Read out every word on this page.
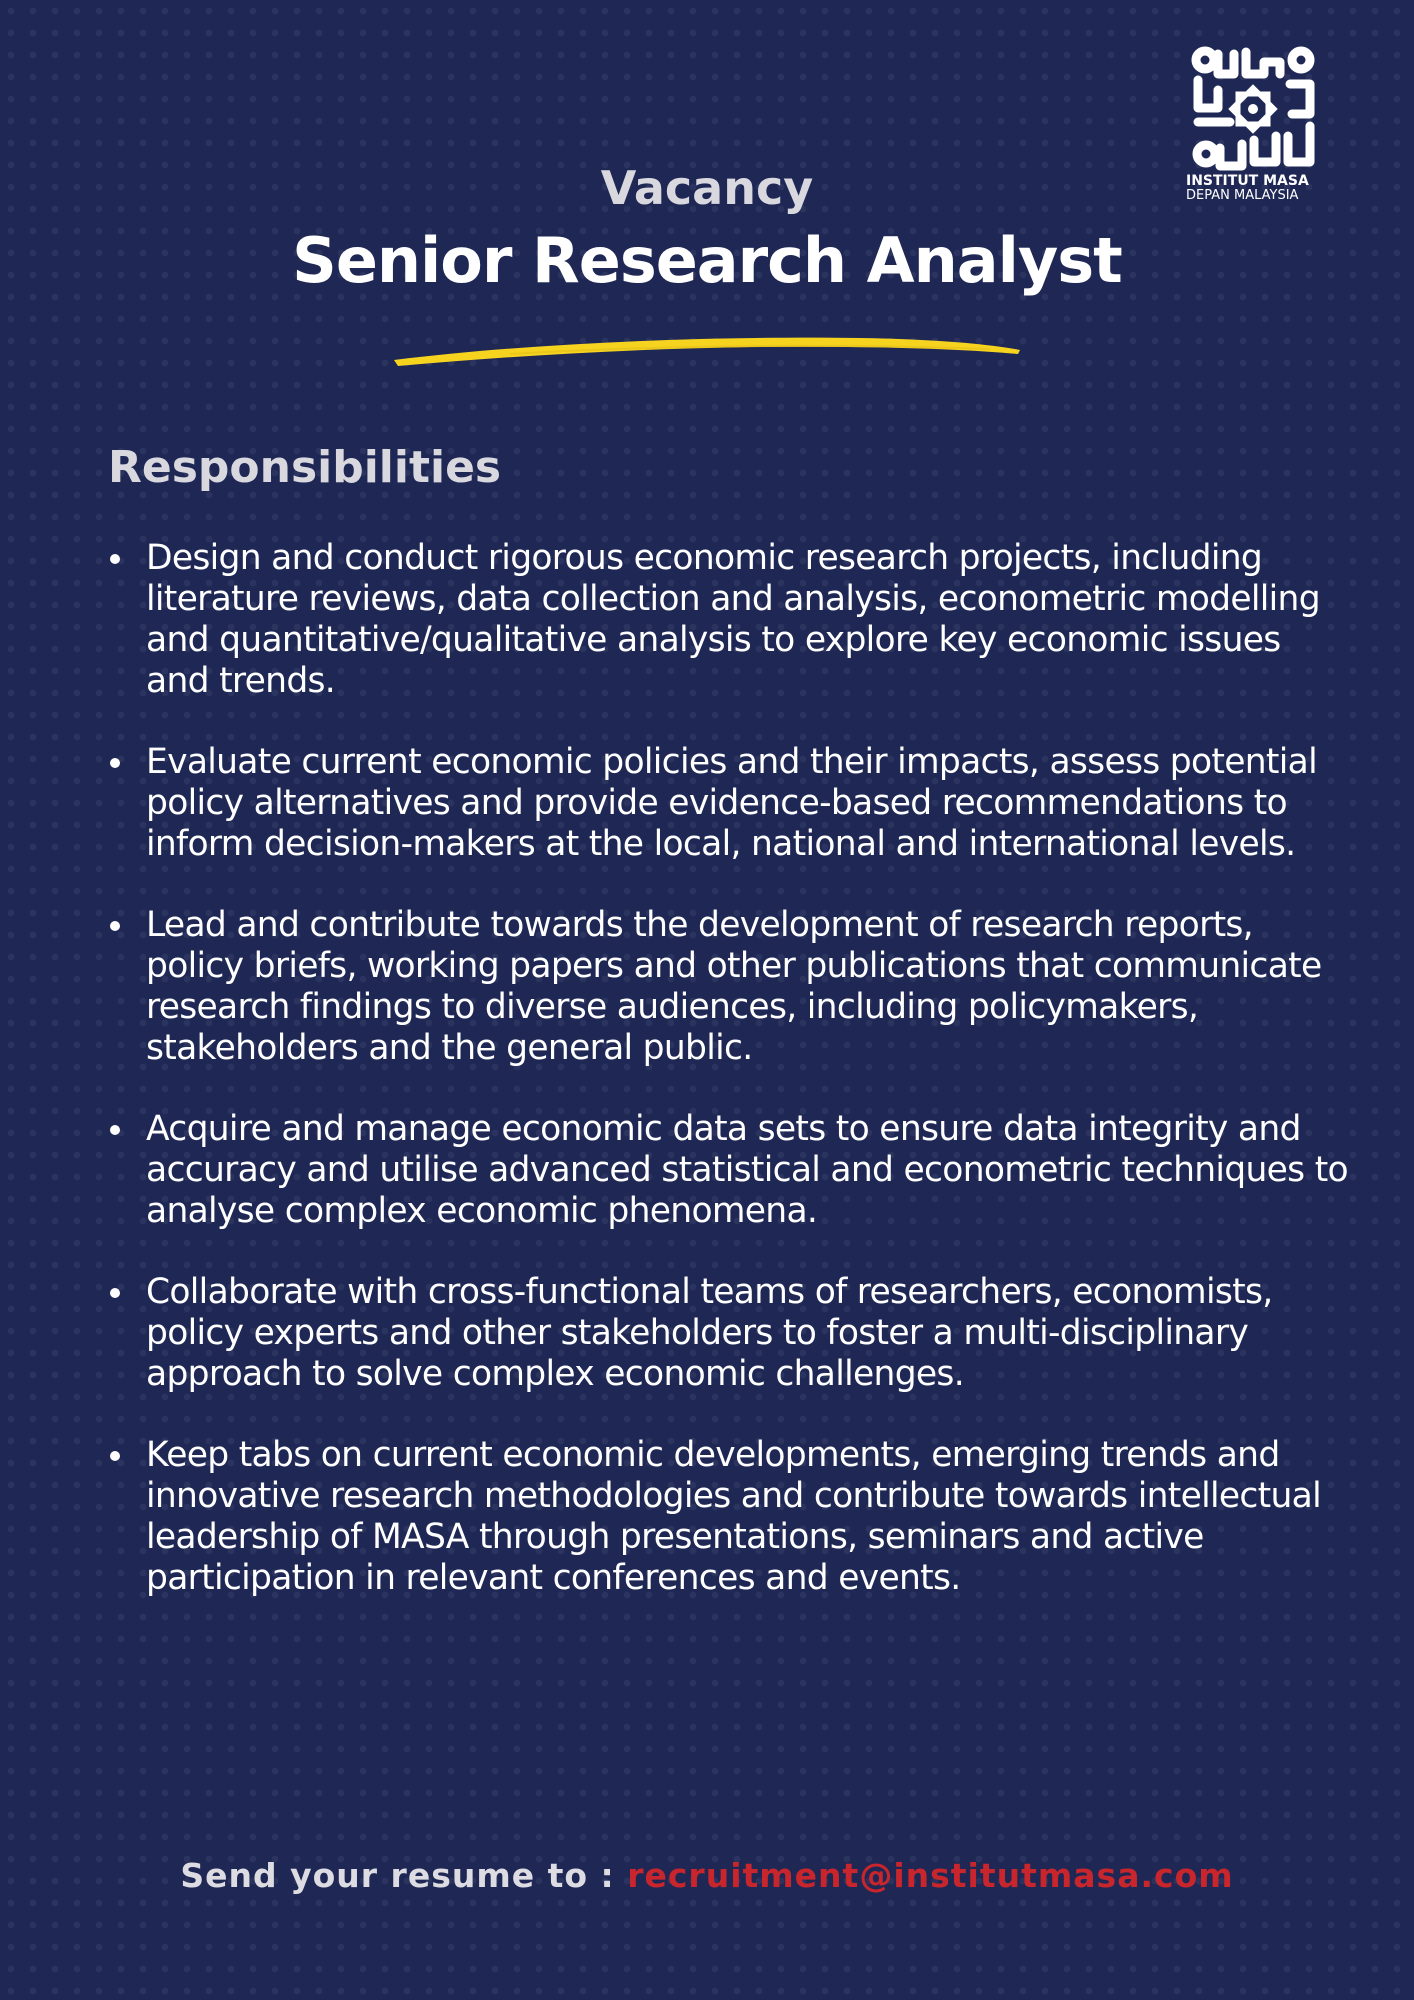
INSTITUT MASA
DEPAN MALAYSIA
Vacancy
Senior Research Analyst
Responsibilities
Design and conduct rigorous economic research projects, including literature reviews, data collection and analysis, econometric modelling and quantitative/qualitative analysis to explore key economic issues and trends.
Evaluate current economic policies and their impacts, assess potential policy alternatives and provide evidence-based recommendations to inform decision-makers at the local, national and international levels.
Lead and contribute towards the development of research reports, policy briefs, working papers and other publications that communicate research findings to diverse audiences, including policymakers, stakeholders and the general public.
Acquire and manage economic data sets to ensure data integrity and accuracy and utilise advanced statistical and econometric techniques to analyse complex economic phenomena.
Collaborate with cross-functional teams of researchers, economists, policy experts and other stakeholders to foster a multi-disciplinary approach to solve complex economic challenges.
Keep tabs on current economic developments, emerging trends and innovative research methodologies and contribute towards intellectual leadership of MASA through presentations, seminars and active participation in relevant conferences and events.
Send your resume to : recruitment@institutmasa.com
